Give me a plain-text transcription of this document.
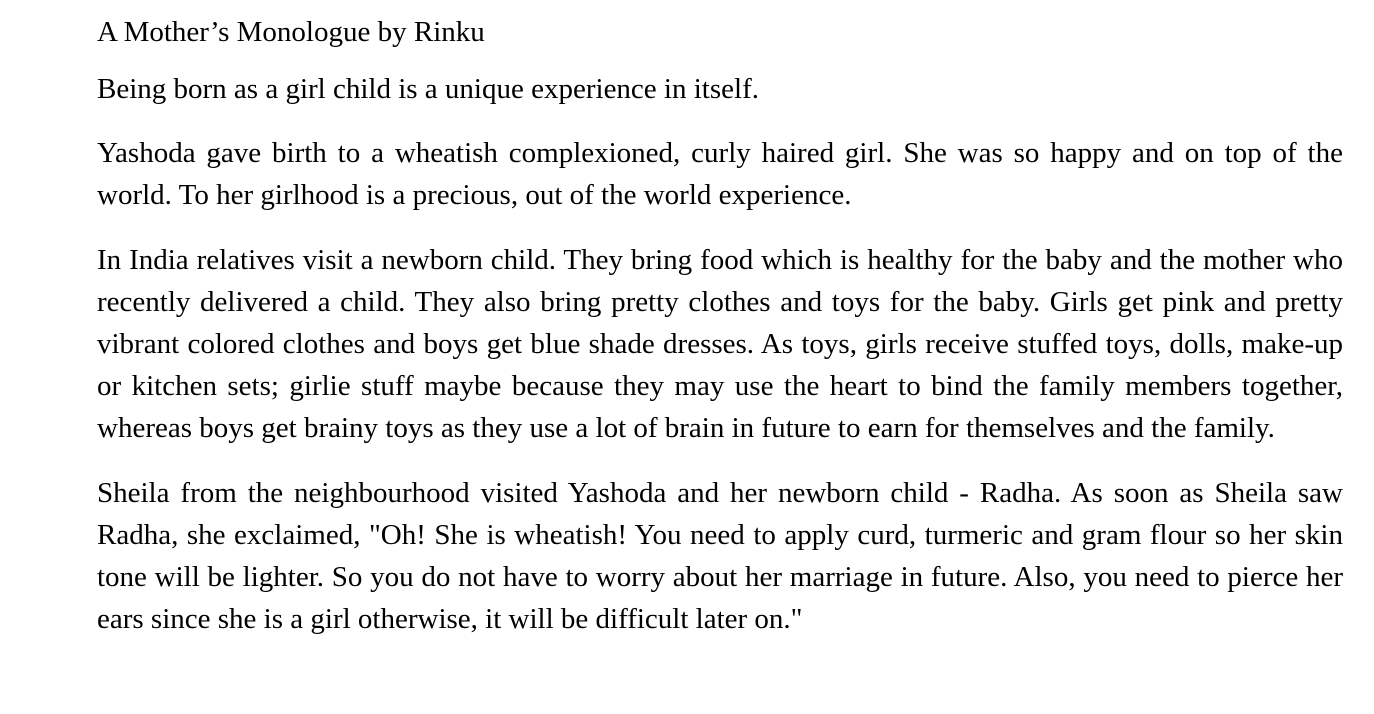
A Mother’s Monologue by Rinku

Being born as a girl child is a unique experience in itself.

Yashoda gave birth to a wheatish complexioned, curly haired girl. She was so happy and on top of the world. To her girlhood is a precious, out of the world experience.

In India relatives visit a newborn child. They bring food which is healthy for the baby and the mother who recently delivered a child. They also bring pretty clothes and toys for the baby. Girls get pink and pretty vibrant colored clothes and boys get blue shade dresses. As toys, girls receive stuffed toys, dolls, make-up or kitchen sets; girlie stuff maybe because they may use the heart to bind the family members together, whereas boys get brainy toys as they use a lot of brain in future to earn for themselves and the family.

Sheila from the neighbourhood visited Yashoda and her newborn child - Radha. As soon as Sheila saw Radha, she exclaimed, "Oh! She is wheatish! You need to apply curd, turmeric and gram flour so her skin tone will be lighter. So you do not have to worry about her marriage in future. Also, you need to pierce her ears since she is a girl otherwise, it will be difficult later on."
